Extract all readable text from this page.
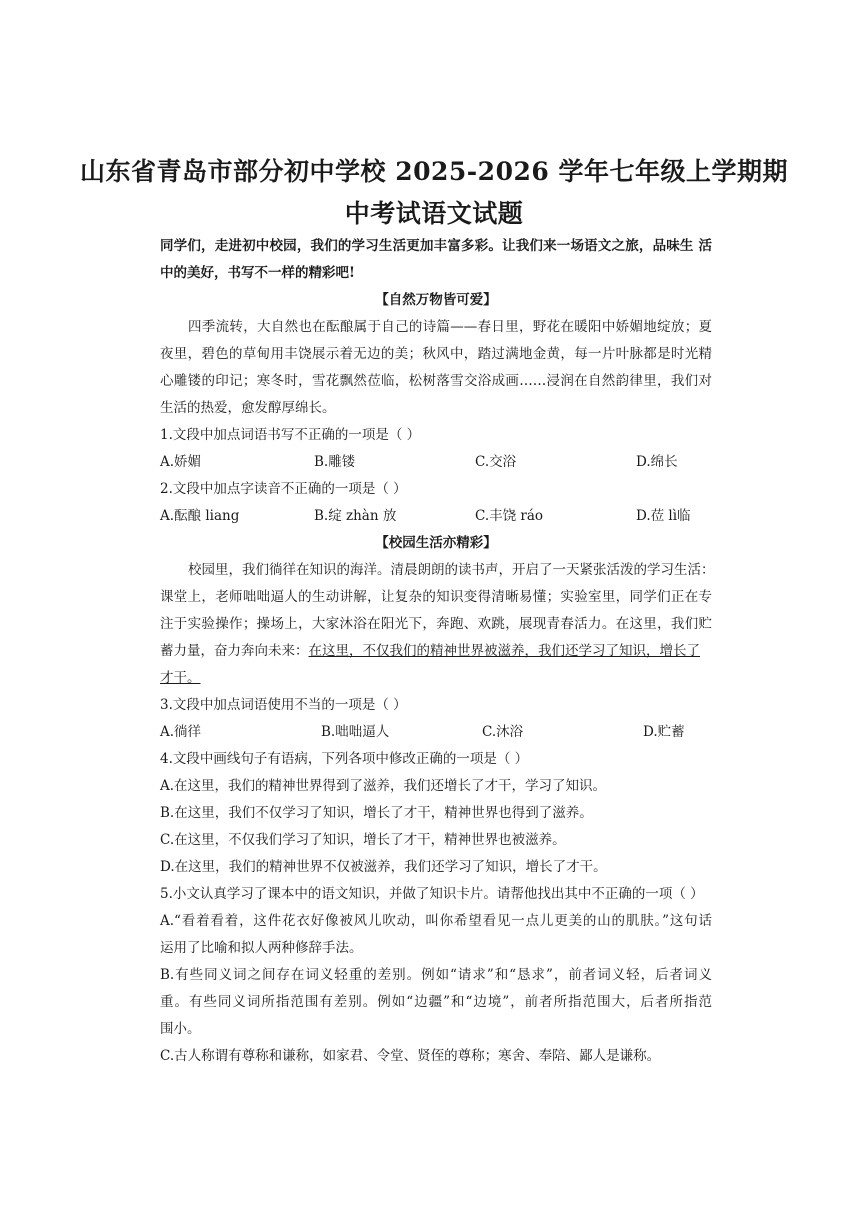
山东省青岛市部分初中学校 2025-2026 学年七年级上学期期
中考试语文试题
同学们，走进初中校园，我们的学习生活更加丰富多彩。让我们来一场语文之旅，品味生 活
中的美好，书写不一样的精彩吧!
【自然万物皆可爱】
四季流转，大自然也在酝酿属于自己的诗篇——春日里，野花在暖阳中娇媚地绽放；夏
夜里，碧色的草甸用丰饶展示着无边的美；秋风中，踏过满地金黄，每一片叶脉都是时光精
心雕镂的印记；寒冬时，雪花飘然莅临，松树落雪交浴成画……浸润在自然韵律里，我们对
生活的热爱，愈发醇厚绵长。
1.文段中加点词语书写不正确的一项是（ ）
A.娇媚	B.雕镂	C.交浴	D.绵长
2.文段中加点字读音不正确的一项是（ ）
A.酝酿 liang	B.绽 zhàn 放	C.丰饶 ráo	D.莅 lì临
【校园生活亦精彩】
校园里，我们徜徉在知识的海洋。清晨朗朗的读书声，开启了一天紧张活泼的学习生活：
课堂上，老师咄咄逼人的生动讲解，让复杂的知识变得清晰易懂；实验室里，同学们正在专
注于实验操作；操场上，大家沐浴在阳光下，奔跑、欢跳，展现青春活力。在这里，我们贮
蓄力量，奋力奔向未来：在这里，不仅我们的精神世界被滋养，我们还学习了知识，增长了
才干。
3.文段中加点词语使用不当的一项是（ ）
A.徜徉	B.咄咄逼人	C.沐浴	D.贮蓄
4.文段中画线句子有语病，下列各项中修改正确的一项是（ ）
A.在这里，我们的精神世界得到了滋养，我们还增长了才干，学习了知识。
B.在这里，我们不仅学习了知识，增长了才干，精神世界也得到了滋养。
C.在这里，不仅我们学习了知识，增长了才干，精神世界也被滋养。
D.在这里，我们的精神世界不仅被滋养，我们还学习了知识，增长了才干。
5.小文认真学习了课本中的语文知识，并做了知识卡片。请帮他找出其中不正确的一项（ ）
A.“看着看着，这件花衣好像被风儿吹动，叫你希望看见一点儿更美的山的肌肤。”这句话
运用了比喻和拟人两种修辞手法。
B.有些同义词之间存在词义轻重的差别。例如“请求”和“恳求”，前者词义轻，后者词义
重。有些同义词所指范围有差别。例如“边疆”和“边境”，前者所指范围大，后者所指范
围小。
C.古人称谓有尊称和谦称，如家君、令堂、贤侄的尊称；寒舍、奉陪、鄙人是谦称。
